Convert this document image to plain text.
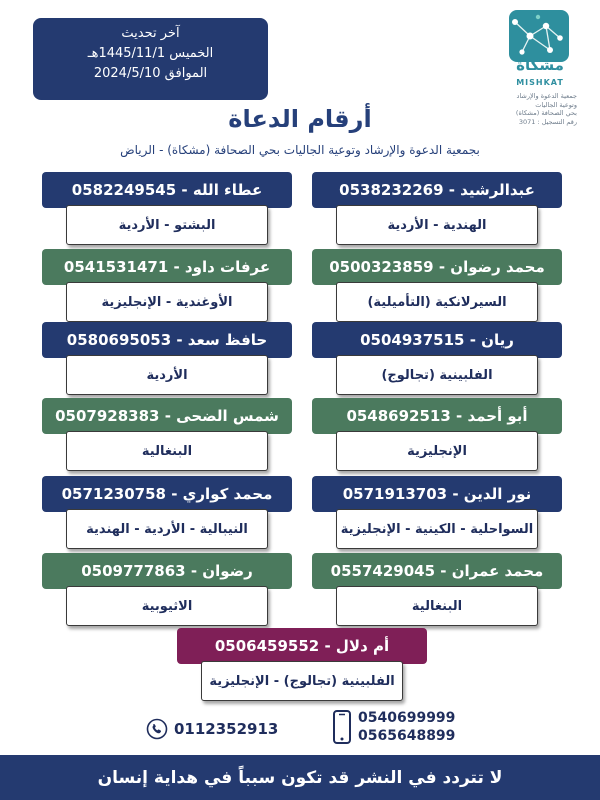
آخر تحديث
الخميس 1445/11/1هـ
الموافق 2024/5/10	مشكاة
MISHKAT
جمعية الدعوة والإرشاد
وتوعية الجاليات
بحي الصحافة (مشكاة)
رقم التسجيل : 3071
أرقام الدعاة
بجمعية الدعوة والإرشاد وتوعية الجاليات بحي الصحافة (مشكاة) - الرياض
عبدالرشيد - 0538232269
الهندية - الأردية
عطاء الله - 0582249545
البشتو - الأردية
محمد رضوان - 0500323859
السيرلانكية (التأميلية)
عرفات داود - 0541531471
الأوغندية - الإنجليزية
ريان - 0504937515
الفلبينية (تجالوج)
حافظ سعد - 0580695053
الأردية
أبو أحمد - 0548692513
الإنجليزية
شمس الضحى - 0507928383
البنغالية
نور الدين - 0571913703
السواحلية - الكينية - الإنجليزية
محمد كواري - 0571230758
النيبالية - الأردية - الهندية
محمد عمران - 0557429045
البنغالية
رضوان - 0509777863
الاثيوبية
أم دلال - 0506459552
الفلبينية (تجالوج) - الإنجليزية
0540699999
0565648899
0112352913
لا تتردد في النشر قد تكون سبباً في هداية إنسان
